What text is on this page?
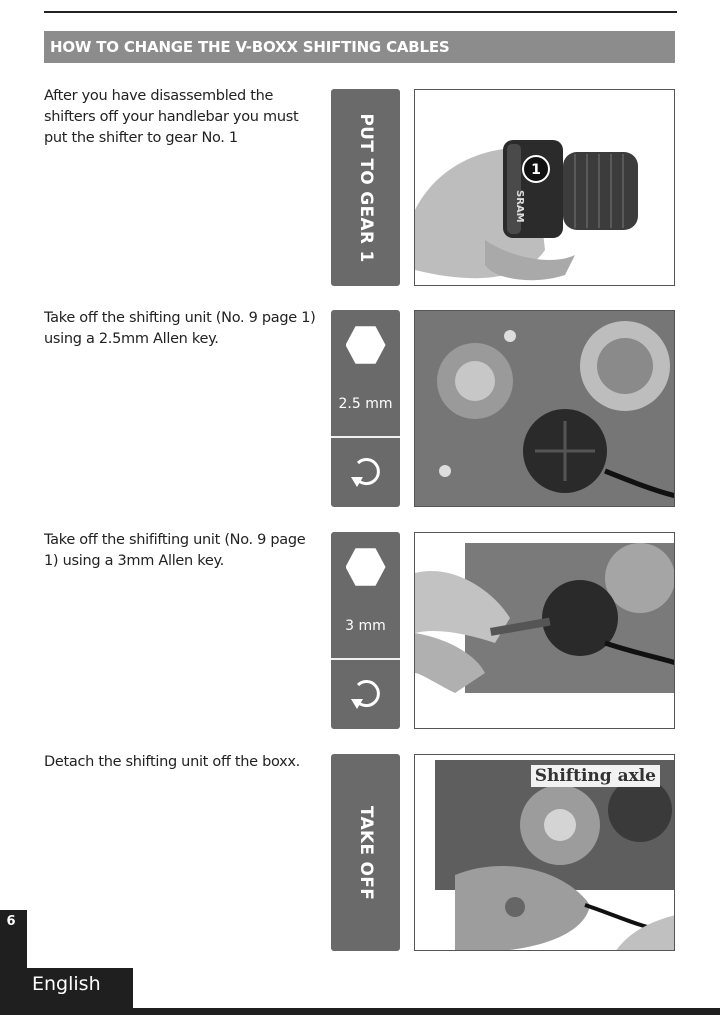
HOW TO CHANGE THE V-BOXX SHIFTING CABLES
After you have disassembled the shifters off your handlebar you must put the shifter to gear No. 1	PUT TO GEAR 1	1
SRAM
Take off the shifting unit (No. 9 page 1) using a 2.5mm Allen key.
2.5 mm
Take off the shififting unit (No. 9 page 1) using a 3mm Allen key.
3 mm
Detach the shifting unit off the boxx.
TAKE OFF
Shifting axle
6
English
